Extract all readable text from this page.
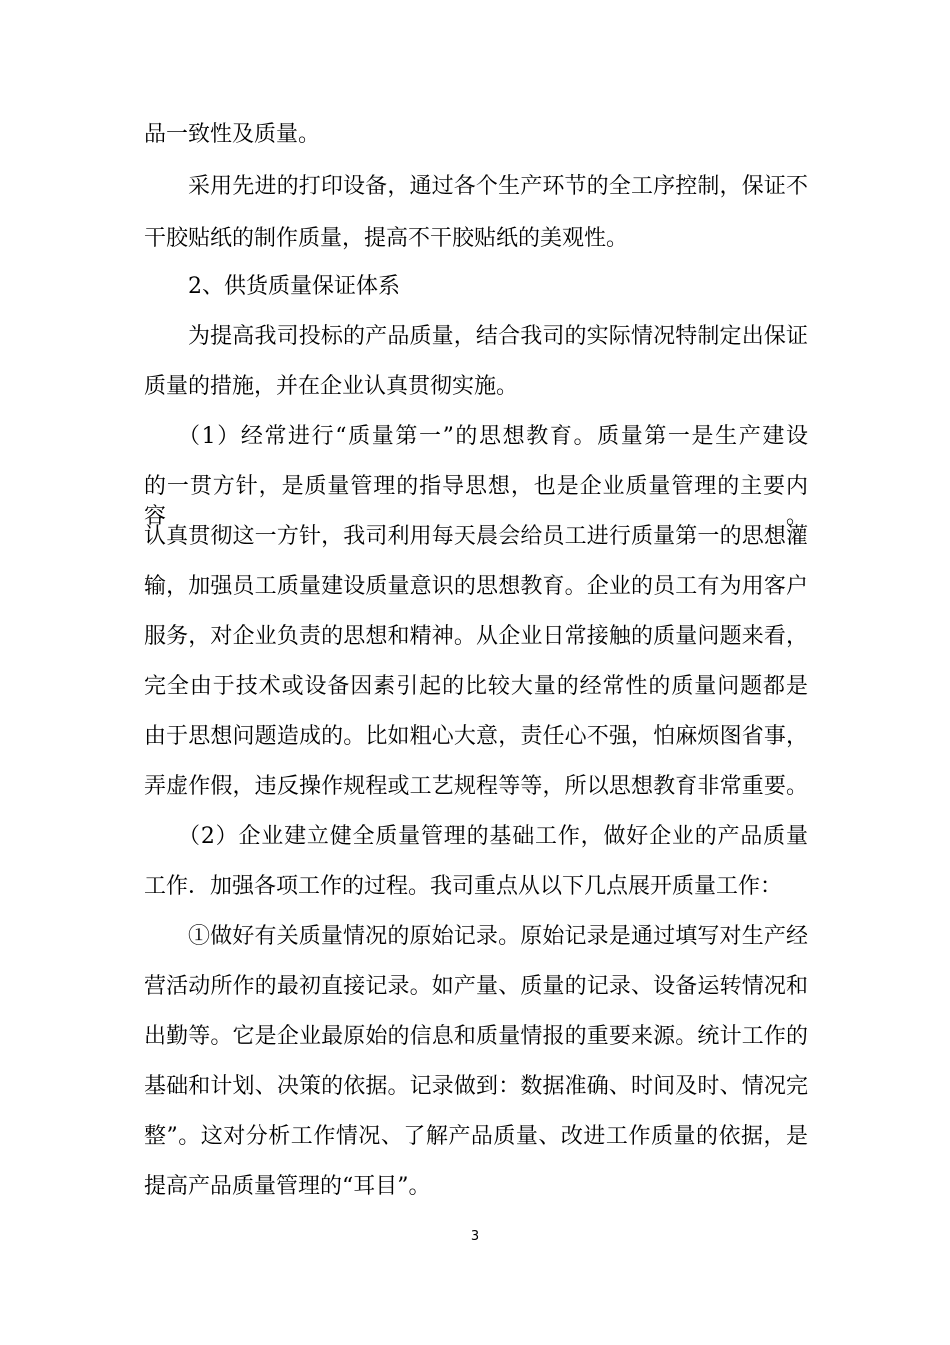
品一致性及质量。
采用先进的打印设备，通过各个生产环节的全工序控制，保证不
干胶贴纸的制作质量，提高不干胶贴纸的美观性。
2、供货质量保证体系
为提高我司投标的产品质量，结合我司的实际情况特制定出保证
质量的措施，并在企业认真贯彻实施。
（1）经常进行“质量第一”的思想教育。质量第一是生产建设
的一贯方针，是质量管理的指导思想，也是企业质量管理的主要内容。
认真贯彻这一方针，我司利用每天晨会给员工进行质量第一的思想灌
输，加强员工质量建设质量意识的思想教育。企业的员工有为用客户
服务，对企业负责的思想和精神。从企业日常接触的质量问题来看，
完全由于技术或设备因素引起的比较大量的经常性的质量问题都是
由于思想问题造成的。比如粗心大意，责任心不强，怕麻烦图省事，
弄虚作假，违反操作规程或工艺规程等等，所以思想教育非常重要。
（2）企业建立健全质量管理的基础工作，做好企业的产品质量
工作．加强各项工作的过程。我司重点从以下几点展开质量工作：
①做好有关质量情况的原始记录。原始记录是通过填写对生产经
营活动所作的最初直接记录。如产量、质量的记录、设备运转情况和
出勤等。它是企业最原始的信息和质量情报的重要来源。统计工作的
基础和计划、决策的依据。记录做到：数据准确、时间及时、情况完
整”。这对分析工作情况、了解产品质量、改进工作质量的依据，是
提高产品质量管理的“耳目”。
3
